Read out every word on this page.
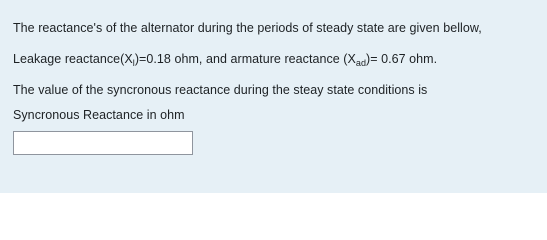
The reactance's of the alternator during the periods of steady state are given bellow,
Leakage $reactance(X_l)=0.18$ ohm, and armature reactance $(X_{ad})= 0.67$ ohm.
The value of the syncronous reactance during the steay state conditions is
Syncronous Reactance in ohm
